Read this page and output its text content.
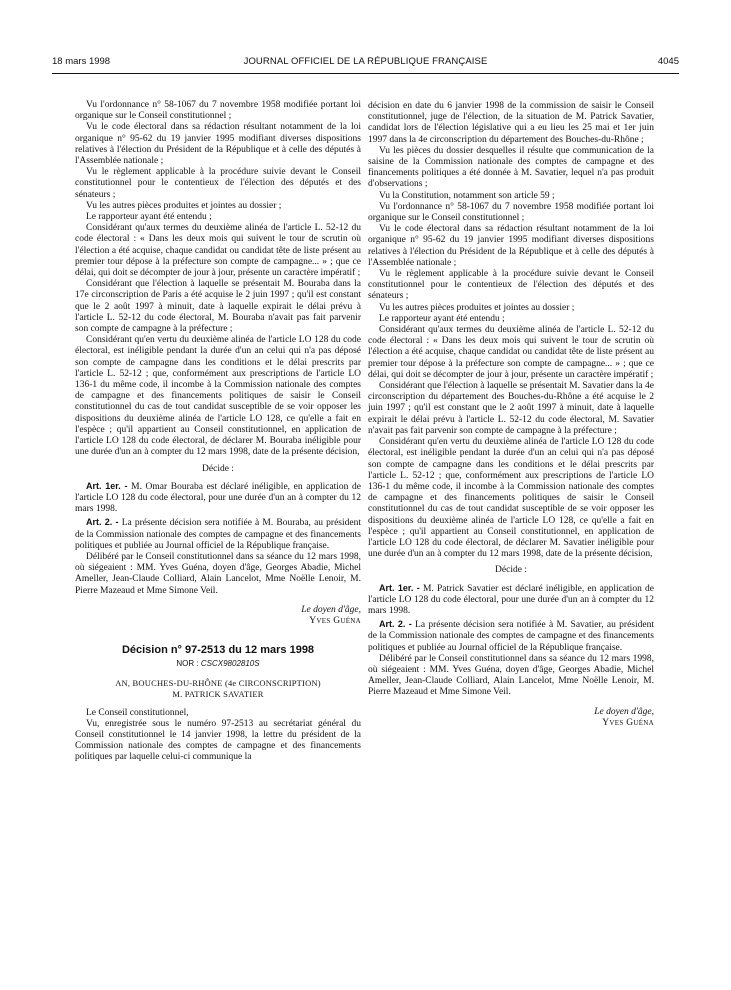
18 mars 1998	JOURNAL OFFICIEL DE LA RÉPUBLIQUE FRANÇAISE	4045

Vu l'ordonnance n° 58-1067 du 7 novembre 1958 modifiée portant loi organique sur le Conseil constitutionnel ;

Vu le code électoral dans sa rédaction résultant notamment de la loi organique n° 95-62 du 19 janvier 1995 modifiant diverses dispositions relatives à l'élection du Président de la République et à celle des députés à l'Assemblée nationale ;

Vu le règlement applicable à la procédure suivie devant le Conseil constitutionnel pour le contentieux de l'élection des députés et des sénateurs ;

Vu les autres pièces produites et jointes au dossier ;

Le rapporteur ayant été entendu ;

Considérant qu'aux termes du deuxième alinéa de l'article L. 52-12 du code électoral : « Dans les deux mois qui suivent le tour de scrutin où l'élection a été acquise, chaque candidat ou candidat tête de liste présent au premier tour dépose à la préfecture son compte de campagne... » ; que ce délai, qui doit se décompter de jour à jour, présente un caractère impératif ;

Considérant que l'élection à laquelle se présentait M. Bouraba dans la 17e circonscription de Paris a été acquise le 2 juin 1997 ; qu'il est constant que le 2 août 1997 à minuit, date à laquelle expirait le délai prévu à l'article L. 52-12 du code électoral, M. Bouraba n'avait pas fait parvenir son compte de campagne à la préfecture ;

Considérant qu'en vertu du deuxième alinéa de l'article LO 128 du code électoral, est inéligible pendant la durée d'un an celui qui n'a pas déposé son compte de campagne dans les conditions et le délai prescrits par l'article L. 52-12 ; que, conformément aux prescriptions de l'article LO 136-1 du même code, il incombe à la Commission nationale des comptes de campagne et des financements politiques de saisir le Conseil constitutionnel du cas de tout candidat susceptible de se voir opposer les dispositions du deuxième alinéa de l'article LO 128, ce qu'elle a fait en l'espèce ; qu'il appartient au Conseil constitutionnel, en application de l'article LO 128 du code électoral, de déclarer M. Bouraba inéligible pour une durée d'un an à compter du 12 mars 1998, date de la présente décision,

Décide :

Art. 1er. - M. Omar Bouraba est déclaré inéligible, en application de l'article LO 128 du code électoral, pour une durée d'un an à compter du 12 mars 1998.

Art. 2. - La présente décision sera notifiée à M. Bouraba, au président de la Commission nationale des comptes de campagne et des financements politiques et publiée au Journal officiel de la République française.

Délibéré par le Conseil constitutionnel dans sa séance du 12 mars 1998, où siégeaient : MM. Yves Guéna, doyen d'âge, Georges Abadie, Michel Ameller, Jean-Claude Colliard, Alain Lancelot, Mme Noëlle Lenoir, M. Pierre Mazeaud et Mme Simone Veil.

Le doyen d'âge,

Yves Guéna

Décision n° 97-2513 du 12 mars 1998
NOR : CSCX9802810S
AN, BOUCHES-DU-RHÔNE (4e CIRCONSCRIPTION)
M. PATRICK SAVATIER

Le Conseil constitutionnel,

Vu, enregistrée sous le numéro 97-2513 au secrétariat général du Conseil constitutionnel le 14 janvier 1998, la lettre du président de la Commission nationale des comptes de campagne et des financements politiques par laquelle celui-ci communique la

décision en date du 6 janvier 1998 de la commission de saisir le Conseil constitutionnel, juge de l'élection, de la situation de M. Patrick Savatier, candidat lors de l'élection législative qui a eu lieu les 25 mai et 1er juin 1997 dans la 4e circonscription du département des Bouches-du-Rhône ;

Vu les pièces du dossier desquelles il résulte que communication de la saisine de la Commission nationale des comptes de campagne et des financements politiques a été donnée à M. Savatier, lequel n'a pas produit d'observations ;

Vu la Constitution, notamment son article 59 ;

Vu l'ordonnance n° 58-1067 du 7 novembre 1958 modifiée portant loi organique sur le Conseil constitutionnel ;

Vu le code électoral dans sa rédaction résultant notamment de la loi organique n° 95-62 du 19 janvier 1995 modifiant diverses dispositions relatives à l'élection du Président de la République et à celle des députés à l'Assemblée nationale ;

Vu le règlement applicable à la procédure suivie devant le Conseil constitutionnel pour le contentieux de l'élection des députés et des sénateurs ;

Vu les autres pièces produites et jointes au dossier ;

Le rapporteur ayant été entendu ;

Considérant qu'aux termes du deuxième alinéa de l'article L. 52-12 du code électoral : « Dans les deux mois qui suivent le tour de scrutin où l'élection a été acquise, chaque candidat ou candidat tête de liste présent au premier tour dépose à la préfecture son compte de campagne... » ; que ce délai, qui doit se décompter de jour à jour, présente un caractère impératif ;

Considérant que l'élection à laquelle se présentait M. Savatier dans la 4e circonscription du département des Bouches-du-Rhône a été acquise le 2 juin 1997 ; qu'il est constant que le 2 août 1997 à minuit, date à laquelle expirait le délai prévu à l'article L. 52-12 du code électoral, M. Savatier n'avait pas fait parvenir son compte de campagne à la préfecture ;

Considérant qu'en vertu du deuxième alinéa de l'article LO 128 du code électoral, est inéligible pendant la durée d'un an celui qui n'a pas déposé son compte de campagne dans les conditions et le délai prescrits par l'article L. 52-12 ; que, conformément aux prescriptions de l'article LO 136-1 du même code, il incombe à la Commission nationale des comptes de campagne et des financements politiques de saisir le Conseil constitutionnel du cas de tout candidat susceptible de se voir opposer les dispositions du deuxième alinéa de l'article LO 128, ce qu'elle a fait en l'espèce ; qu'il appartient au Conseil constitutionnel, en application de l'article LO 128 du code électoral, de déclarer M. Savatier inéligible pour une durée d'un an à compter du 12 mars 1998, date de la présente décision,

Décide :

Art. 1er. - M. Patrick Savatier est déclaré inéligible, en application de l'article LO 128 du code électoral, pour une durée d'un an à compter du 12 mars 1998.

Art. 2. - La présente décision sera notifiée à M. Savatier, au président de la Commission nationale des comptes de campagne et des financements politiques et publiée au Journal officiel de la République française.

Délibéré par le Conseil constitutionnel dans sa séance du 12 mars 1998, où siégeaient : MM. Yves Guéna, doyen d'âge, Georges Abadie, Michel Ameller, Jean-Claude Colliard, Alain Lancelot, Mme Noëlle Lenoir, M. Pierre Mazeaud et Mme Simone Veil.

Le doyen d'âge,

Yves Guéna
